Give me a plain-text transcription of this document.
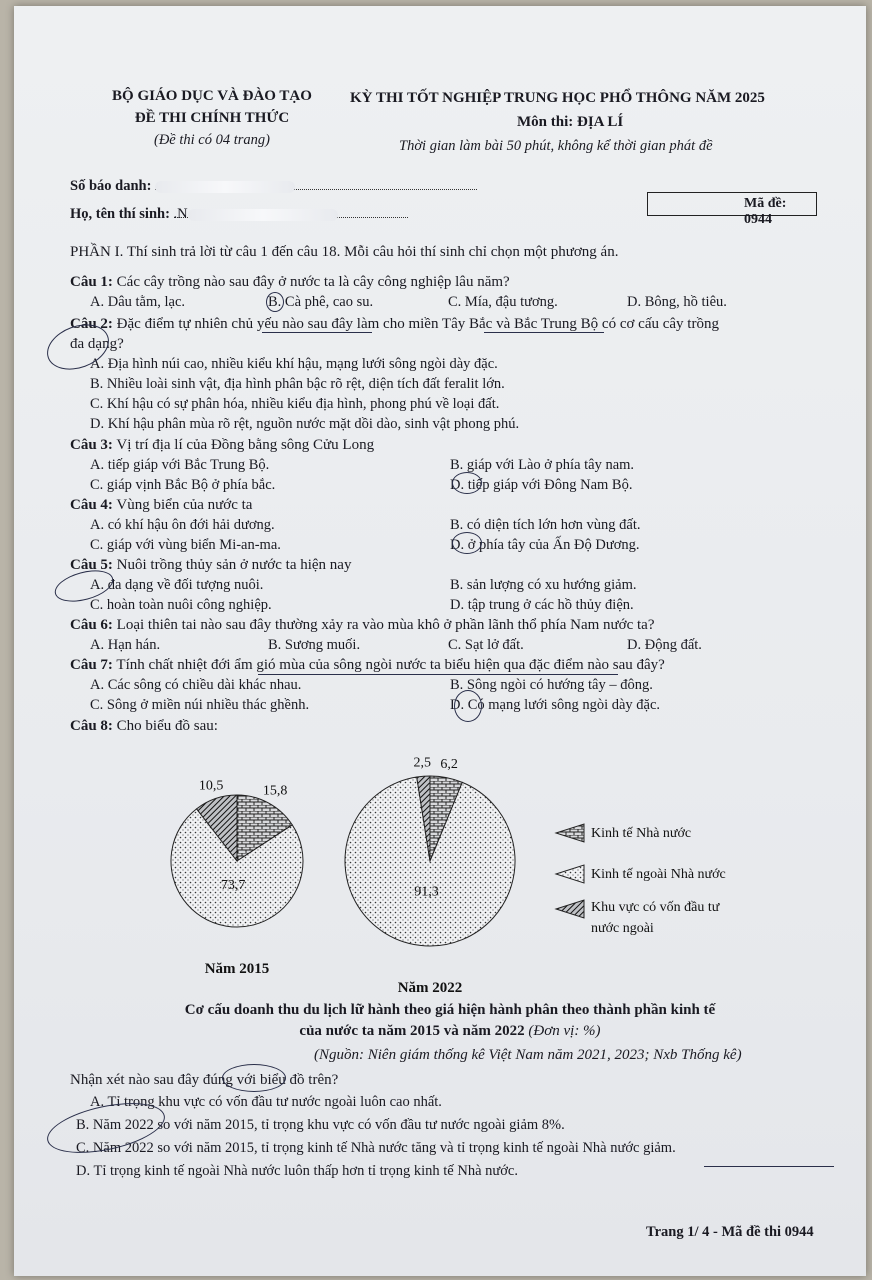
BỘ GIÁO DỤC VÀ ĐÀO TẠO
ĐỀ THI CHÍNH THỨC
(Đề thi có 04 trang)
KỲ THI TỐT NGHIỆP TRUNG HỌC PHỔ THÔNG NĂM 2025
Môn thi: ĐỊA LÍ
Thời gian làm bài 50 phút, không kể thời gian phát đề
Số báo danh:
Họ, tên thí sinh: .N
Mã đề: 0944
PHẦN I. Thí sinh trả lời từ câu 1 đến câu 18. Mỗi câu hỏi thí sinh chỉ chọn một phương án.
Câu 1: Các cây trồng nào sau đây ở nước ta là cây công nghiệp lâu năm?
A. Dâu tằm, lạc.	B. Cà phê, cao su.	C. Mía, đậu tương.	D. Bông, hồ tiêu.
Câu 2: Đặc điểm tự nhiên chủ yếu nào sau đây làm cho miền Tây Bắc và Bắc Trung Bộ có cơ cấu cây trồng
đa dạng?
A. Địa hình núi cao, nhiều kiểu khí hậu, mạng lưới sông ngòi dày đặc.
B. Nhiều loài sinh vật, địa hình phân bậc rõ rệt, diện tích đất feralit lớn.
C. Khí hậu có sự phân hóa, nhiều kiểu địa hình, phong phú về loại đất.
D. Khí hậu phân mùa rõ rệt, nguồn nước mặt dồi dào, sinh vật phong phú.
Câu 3: Vị trí địa lí của Đồng bằng sông Cửu Long
A. tiếp giáp với Bắc Trung Bộ.	B. giáp với Lào ở phía tây nam.
C. giáp vịnh Bắc Bộ ở phía bắc.	D. tiếp giáp với Đông Nam Bộ.
Câu 4: Vùng biển của nước ta
A. có khí hậu ôn đới hải dương.	B. có diện tích lớn hơn vùng đất.
C. giáp với vùng biển Mi-an-ma.	D. ở phía tây của Ấn Độ Dương.
Câu 5: Nuôi trồng thủy sản ở nước ta hiện nay
A. đa dạng về đối tượng nuôi.	B. sản lượng có xu hướng giảm.
C. hoàn toàn nuôi công nghiệp.	D. tập trung ở các hồ thủy điện.
Câu 6: Loại thiên tai nào sau đây thường xảy ra vào mùa khô ở phần lãnh thổ phía Nam nước ta?
A. Hạn hán.	B. Sương muối.	C. Sạt lở đất.	D. Động đất.
Câu 7: Tính chất nhiệt đới ẩm gió mùa của sông ngòi nước ta biểu hiện qua đặc điểm nào sau đây?
A. Các sông có chiều dài khác nhau.	B. Sông ngòi có hướng tây – đông.
C. Sông ở miền núi nhiều thác ghềnh.	D. Có mạng lưới sông ngòi dày đặc.
Câu 8: Cho biểu đồ sau:
15,8
73,7
10,5
Năm 2015
6,2
91,3
2,5
Năm 2022
Kinh tế Nhà nước
Kinh tế ngoài Nhà nước
Khu vực có vốn đầu tư
nước ngoài
Cơ cấu doanh thu du lịch lữ hành theo giá hiện hành phân theo thành phần kinh tế
của nước ta năm 2015 và năm 2022 (Đơn vị: %)
(Nguồn: Niên giám thống kê Việt Nam năm 2021, 2023; Nxb Thống kê)
Nhận xét nào sau đây đúng với biểu đồ trên?
A. Tỉ trọng khu vực có vốn đầu tư nước ngoài luôn cao nhất.
B. Năm 2022 so với năm 2015, tỉ trọng khu vực có vốn đầu tư nước ngoài giảm 8%.
C. Năm 2022 so với năm 2015, tỉ trọng kinh tế Nhà nước tăng và tỉ trọng kinh tế ngoài Nhà nước giảm.
D. Tỉ trọng kinh tế ngoài Nhà nước luôn thấp hơn tỉ trọng kinh tế Nhà nước.
Trang 1/ 4 - Mã đề thi 0944
